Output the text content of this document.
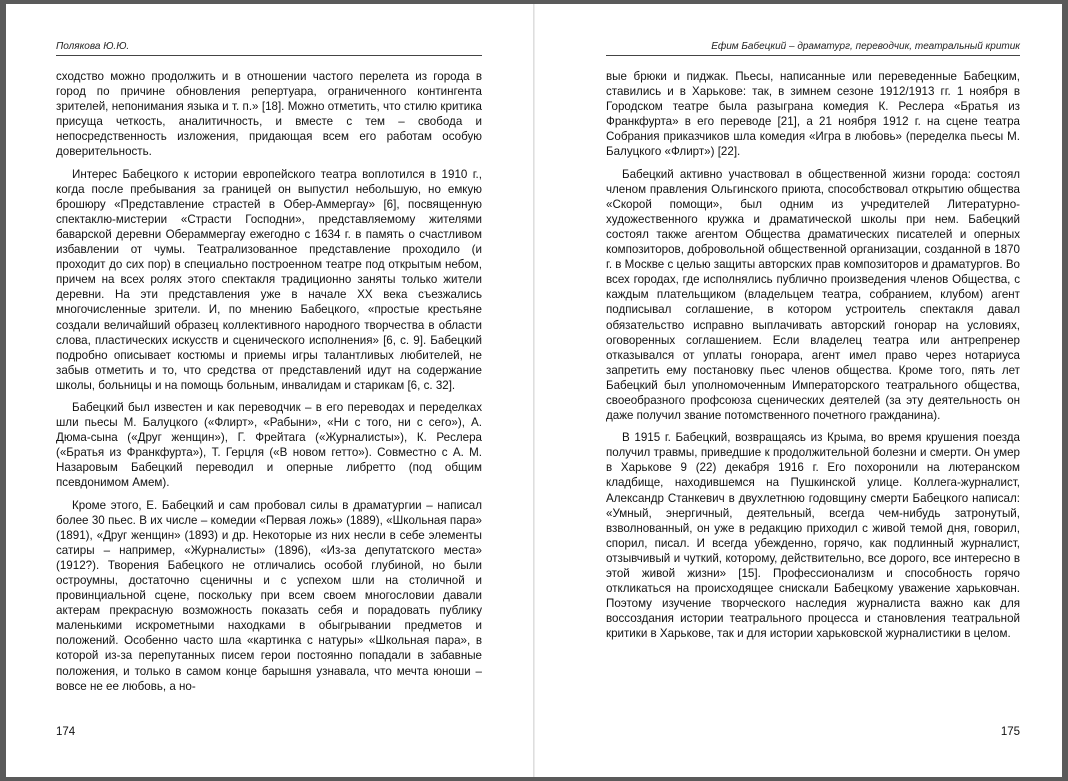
Полякова Ю.Ю.

сходство можно продолжить и в отношении частого перелета из города в город по причине обновления репертуара, ограниченного контингента зрителей, непонимания языка и т. п.» [18]. Можно отметить, что стилю критика присуща четкость, аналитичность, и вместе с тем – свобода и непосредственность изложения, придающая всем его работам особую доверительность.

Интерес Бабецкого к истории европейского театра воплотился в 1910 г., когда после пребывания за границей он выпустил небольшую, но емкую брошюру «Представление страстей в Обер-Аммергау» [6], посвященную спектаклю-мистерии «Страсти Господни», представляемому жителями баварской деревни Обераммергау ежегодно с 1634 г. в память о счастливом избавлении от чумы. Театрализованное представление проходило (и проходит до сих пор) в специально построенном театре под открытым небом, причем на всех ролях этого спектакля традиционно заняты только жители деревни. На эти представления уже в начале ХХ века съезжались многочисленные зрители. И, по мнению Бабецкого, «простые крестьяне создали величайший образец коллективного народного творчества в области слова, пластических искусств и сценического исполнения» [6, с. 9]. Бабецкий подробно описывает костюмы и приемы игры талантливых любителей, не забыв отметить и то, что средства от представлений идут на содержание школы, больницы и на помощь больным, инвалидам и старикам [6, с. 32].

Бабецкий был известен и как переводчик – в его переводах и переделках шли пьесы М. Балуцкого («Флирт», «Рабыни», «Ни с того, ни с сего»), А. Дюма-сына («Друг женщин»), Г. Фрейтага («Журналисты»), К. Реслера («Братья из Франкфурта»), Т. Герцля («В новом гетто»). Совместно с А. М. Назаровым Бабецкий переводил и оперные либретто (под общим псевдонимом Амем).

Кроме этого, Е. Бабецкий и сам пробовал силы в драматургии – написал более 30 пьес. В их числе – комедии «Первая ложь» (1889), «Школьная пара» (1891), «Друг женщин» (1893) и др. Некоторые из них несли в себе элементы сатиры – например, «Журналисты» (1896), «Из-за депутатского места» (1912?). Творения Бабецкого не отличались особой глубиной, но были остроумны, достаточно сценичны и с успехом шли на столичной и провинциальной сцене, поскольку при всем своем многословии давали актерам прекрасную возможность показать себя и порадовать публику маленькими искрометными находками в обыгрывании предметов и положений. Особенно часто шла «картинка с натуры» «Школьная пара», в которой из-за перепутанных писем герои постоянно попадали в забавные положения, и только в самом конце барышня узнавала, что мечта юноши – вовсе не ее любовь, а но-

174
Ефим Бабецкий – драматург, переводчик, театральный критик

вые брюки и пиджак. Пьесы, написанные или переведенные Бабецким, ставились и в Харькове: так, в зимнем сезоне 1912/1913 гг. 1 ноября в Городском театре была разыграна комедия К. Реслера «Братья из Франкфурта» в его переводе [21], а 21 ноября 1912 г. на сцене театра Собрания приказчиков шла комедия «Игра в любовь» (переделка пьесы М. Балуцкого «Флирт») [22].

Бабецкий активно участвовал в общественной жизни города: состоял членом правления Ольгинского приюта, способствовал открытию общества «Скорой помощи», был одним из учредителей Литературно-художественного кружка и драматической школы при нем. Бабецкий состоял также агентом Общества драматических писателей и оперных композиторов, добровольной общественной организации, созданной в 1870 г. в Москве с целью защиты авторских прав композиторов и драматургов. Во всех городах, где исполнялись публично произведения членов Общества, с каждым плательщиком (владельцем театра, собранием, клубом) агент подписывал соглашение, в котором устроитель спектакля давал обязательство исправно выплачивать авторский гонорар на условиях, оговоренных соглашением. Если владелец театра или антрепренер отказывался от уплаты гонорара, агент имел право через нотариуса запретить ему постановку пьес членов общества. Кроме того, пять лет Бабецкий был уполномоченным Императорского театрального общества, своеобразного профсоюза сценических деятелей (за эту деятельность он даже получил звание потомственного почетного гражданина).

В 1915 г. Бабецкий, возвращаясь из Крыма, во время крушения поезда получил травмы, приведшие к продолжительной болезни и смерти. Он умер в Харькове 9 (22) декабря 1916 г. Его похоронили на лютеранском кладбище, находившемся на Пушкинской улице. Коллега-журналист, Александр Станкевич в двухлетнюю годовщину смерти Бабецкого написал: «Умный, энергичный, деятельный, всегда чем-нибудь затронутый, взволнованный, он уже в редакцию приходил с живой темой дня, говорил, спорил, писал. И всегда убежденно, горячо, как подлинный журналист, отзывчивый и чуткий, которому, действительно, все дорого, все интересно в этой живой жизни» [15]. Профессионализм и способность горячо откликаться на происходящее снискали Бабецкому уважение харьковчан. Поэтому изучение творческого наследия журналиста важно как для воссоздания истории театрального процесса и становления театральной критики в Харькове, так и для истории харьковской журналистики в целом.

175
